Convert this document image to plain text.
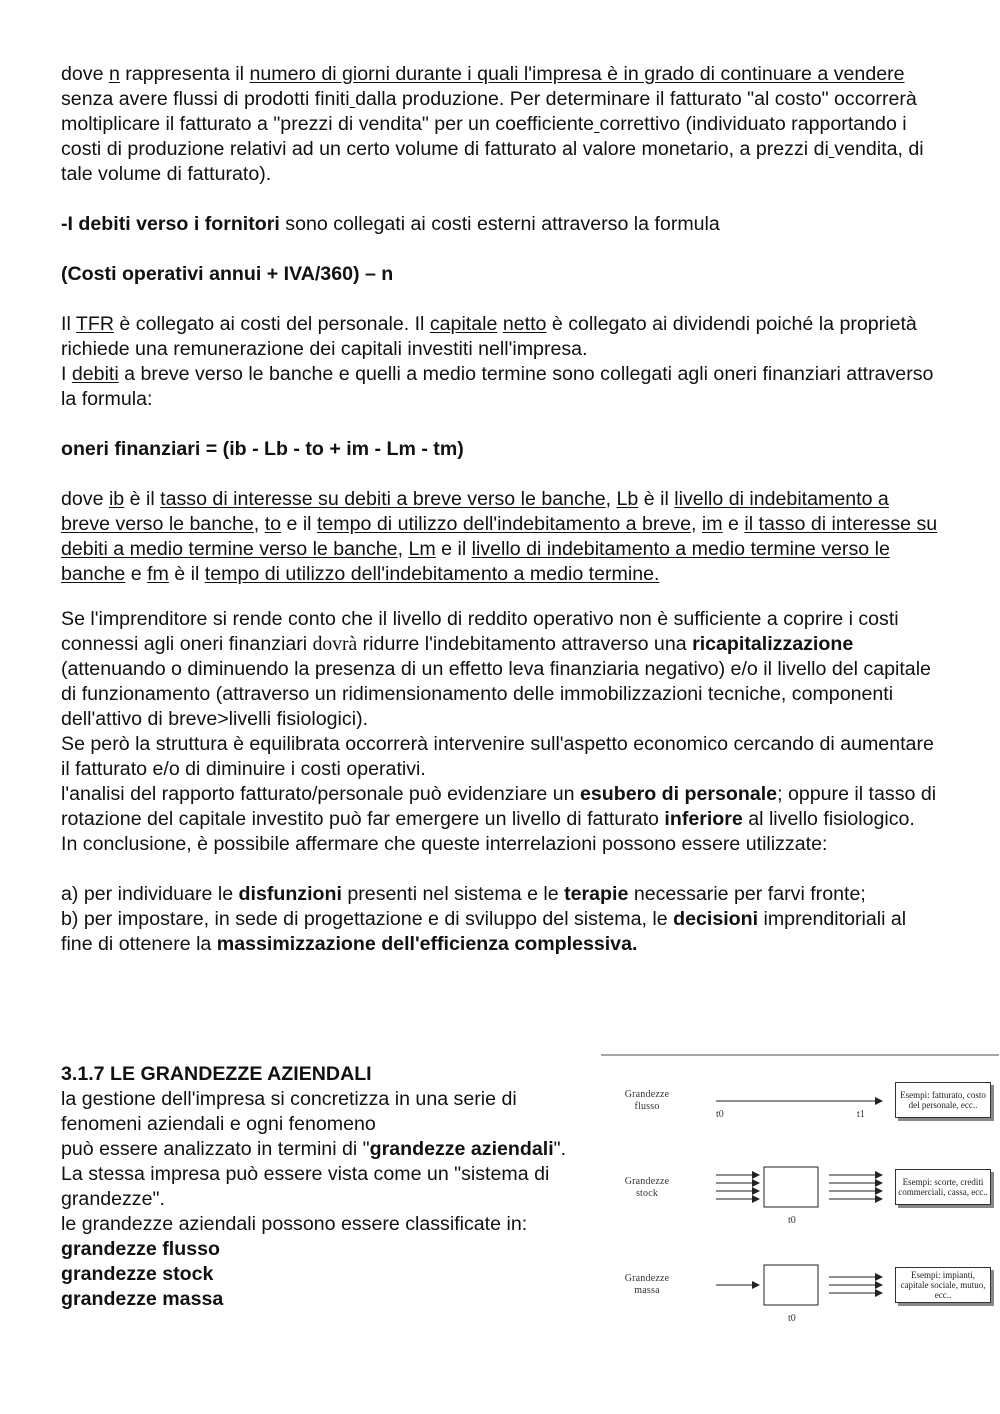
dove n rappresenta il numero di giorni durante i quali l'impresa è in grado di continuare a vendere senza avere flussi di prodotti finiti dalla produzione. Per determinare il fatturato "al costo" occorrerà moltiplicare il fatturato a "prezzi di vendita" per un coefficiente correttivo (individuato rapportando i costi di produzione relativi ad un certo volume di fatturato al valore monetario, a prezzi di vendita, di tale volume di fatturato).

-I debiti verso i fornitori sono collegati ai costi esterni attraverso la formula

(Costi operativi annui + IVA/360) – n

Il TFR è collegato ai costi del personale. Il capitale netto è collegato ai dividendi poiché la proprietà richiede una remunerazione dei capitali investiti nell'impresa.
I debiti a breve verso le banche e quelli a medio termine sono collegati agli oneri finanziari attraverso la formula:

oneri finanziari = (ib - Lb - to + im - Lm - tm)

dove ib è il tasso di interesse su debiti a breve verso le banche, Lb è il livello di indebitamento a breve verso le banche, to e il tempo di utilizzo dell'indebitamento a breve, im e il tasso di interesse su debiti a medio termine verso le banche, Lm e il livello di indebitamento a medio termine verso le banche e fm è il tempo di utilizzo dell'indebitamento a medio termine.

Se l'imprenditore si rende conto che il livello di reddito operativo non è sufficiente a coprire i costi connessi agli oneri finanziari dovrà ridurre l'indebitamento attraverso una ricapitalizzazione (attenuando o diminuendo la presenza di un effetto leva finanziaria negativo) e/o il livello del capitale di funzionamento (attraverso un ridimensionamento delle immobilizzazioni tecniche, componenti dell'attivo di breve>livelli fisiologici).
Se però la struttura è equilibrata occorrerà intervenire sull'aspetto economico cercando di aumentare il fatturato e/o di diminuire i costi operativi.
l'analisi del rapporto fatturato/personale può evidenziare un esubero di personale; oppure il tasso di rotazione del capitale investito può far emergere un livello di fatturato inferiore al livello fisiologico.
In conclusione, è possibile affermare che queste interrelazioni possono essere utilizzate:

a) per individuare le disfunzioni presenti nel sistema e le terapie necessarie per farvi fronte;
b) per impostare, in sede di progettazione e di sviluppo del sistema, le decisioni imprenditoriali al fine di ottenere la massimizzazione dell'efficienza complessiva.

3.1.7 LE GRANDEZZE AZIENDALI

la gestione dell'impresa si concretizza in una serie di fenomeni aziendali e ogni fenomeno

può essere analizzato in termini di "grandezze aziendali".

La stessa impresa può essere vista come un "sistema di grandezze".

le grandezze aziendali possono essere classificate in:

grandezze flusso

grandezze stock

grandezze massa

Grandezze
flusso
t0	t1
Esempi: fatturato, costo del personale, ecc..
Grandezze
stock
t0
Esempi: scorte, crediti commerciali, cassa, ecc..
Grandezze
massa
t0
Esempi: impianti, capitale sociale, mutuo, ecc..
